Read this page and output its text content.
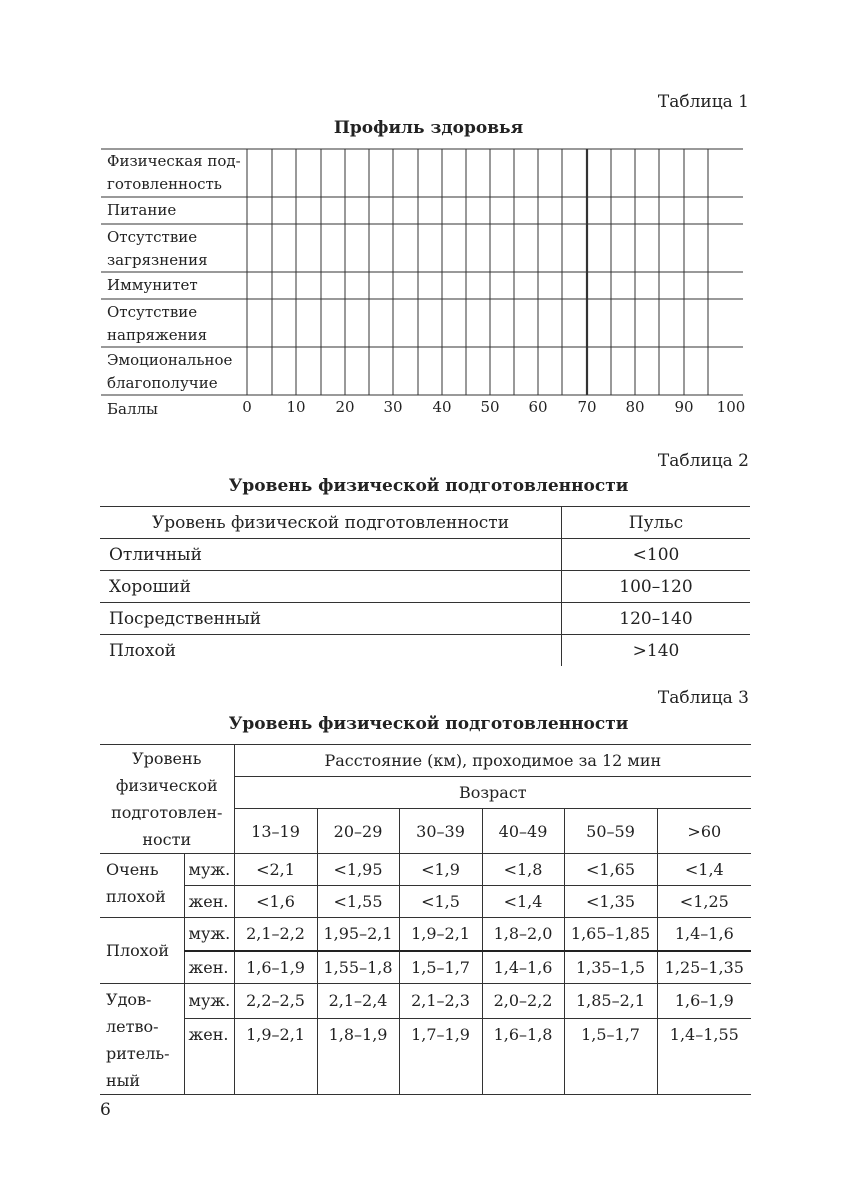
Таблица 1
Профиль здоровья
Физическая под-
готовленность
Питание
Отсутствие
загрязнения
Иммунитет
Отсутствие
напряжения
Эмоциональное
благополучие
Баллы	0	10	20	30	40	50	60	70	80	90	100
Таблица 2
Уровень физической подготовленности
Уровень физической подготовленности	Пульс
Отличный	<100
Хороший	100–120
Посредственный	120–140
Плохой	>140
Таблица 3
Уровень физической подготовленности
Уровень
физической
подготовлен-
ности		Расстояние (км), проходимое за 12 мин					
		Возраст					
		13–19	20–29	30–39	40–49	50–59	>60
Очень
плохой	муж.	<2,1	<1,95	<1,9	<1,8	<1,65	<1,4
	жен.	<1,6	<1,55	<1,5	<1,4	<1,35	<1,25
Плохой	муж.	2,1–2,2	1,95–2,1	1,9–2,1	1,8–2,0	1,65–1,85	1,4–1,6
	жен.	1,6–1,9	1,55–1,8	1,5–1,7	1,4–1,6	1,35–1,5	1,25–1,35
Удов-
летво-
ритель-
ный	муж.	2,2–2,5	2,1–2,4	2,1–2,3	2,0–2,2	1,85–2,1	1,6–1,9
	жен.	1,9–2,1	1,8–1,9	1,7–1,9	1,6–1,8	1,5–1,7	1,4–1,55
6
